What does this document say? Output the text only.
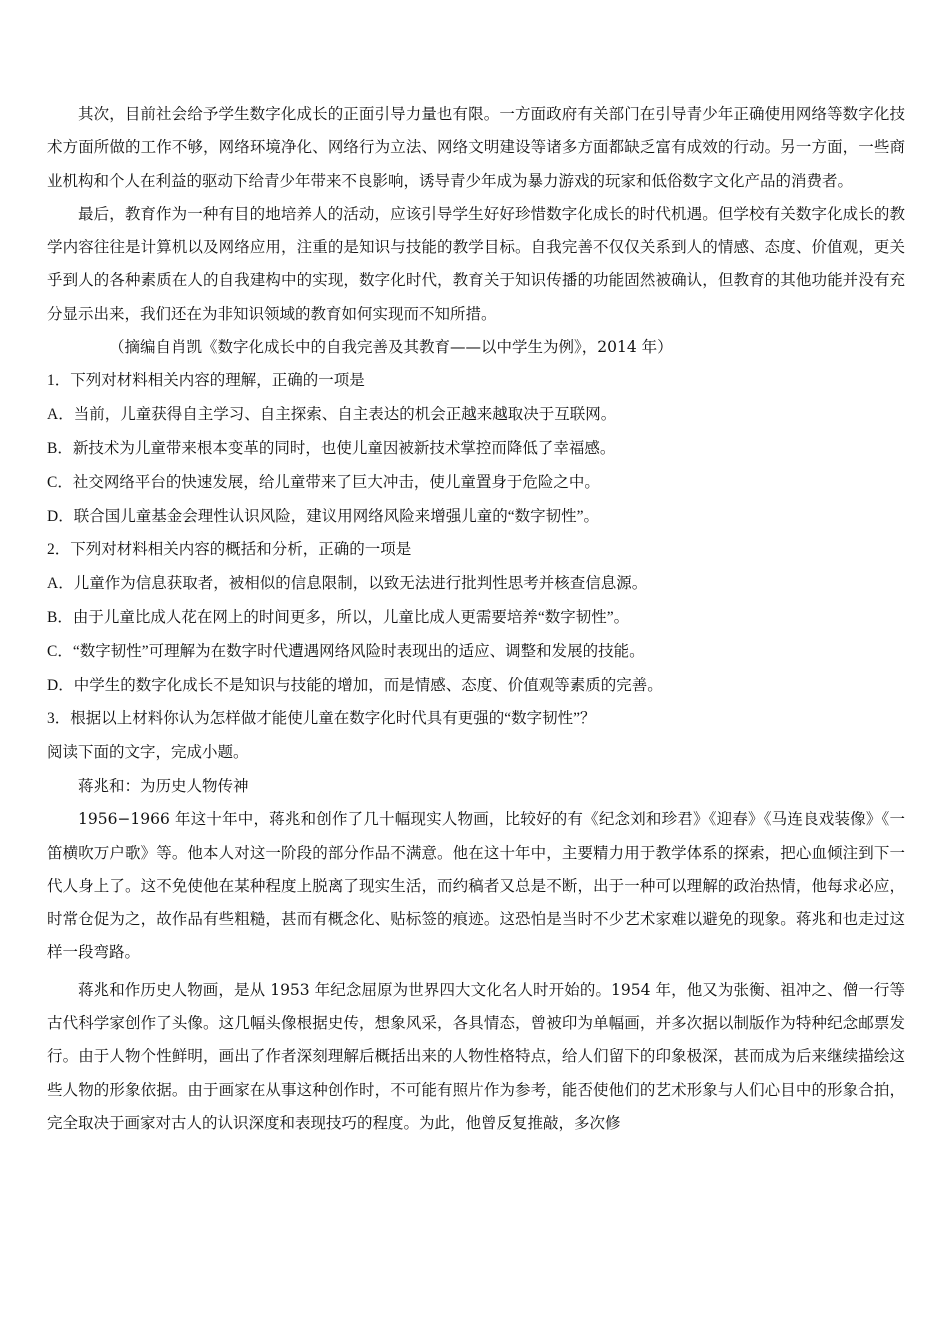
其次，目前社会给予学生数字化成长的正面引导力量也有限。一方面政府有关部门在引导青少年正确使用网络等数字化技术方面所做的工作不够，网络环境净化、网络行为立法、网络文明建设等诸多方面都缺乏富有成效的行动。另一方面，一些商业机构和个人在利益的驱动下给青少年带来不良影响，诱导青少年成为暴力游戏的玩家和低俗数字文化产品的消费者。

最后，教育作为一种有目的地培养人的活动，应该引导学生好好珍惜数字化成长的时代机遇。但学校有关数字化成长的教学内容往往是计算机以及网络应用，注重的是知识与技能的教学目标。自我完善不仅仅关系到人的情感、态度、价值观，更关乎到人的各种素质在人的自我建构中的实现，数字化时代，教育关于知识传播的功能固然被确认，但教育的其他功能并没有充分显示出来，我们还在为非知识领域的教育如何实现而不知所措。

（摘编自肖凯《数字化成长中的自我完善及其教育——以中学生为例》，2014 年）

1．下列对材料相关内容的理解，正确的一项是

A．当前，儿童获得自主学习、自主探索、自主表达的机会正越来越取决于互联网。

B．新技术为儿童带来根本变革的同时，也使儿童因被新技术掌控而降低了幸福感。

C．社交网络平台的快速发展，给儿童带来了巨大冲击，使儿童置身于危险之中。

D．联合国儿童基金会理性认识风险，建议用网络风险来增强儿童的“数字韧性”。

2．下列对材料相关内容的概括和分析，正确的一项是

A．儿童作为信息获取者，被相似的信息限制，以致无法进行批判性思考并核查信息源。

B．由于儿童比成人花在网上的时间更多，所以，儿童比成人更需要培养“数字韧性”。

C．“数字韧性”可理解为在数字时代遭遇网络风险时表现出的适应、调整和发展的技能。

D．中学生的数字化成长不是知识与技能的增加，而是情感、态度、价值观等素质的完善。

3．根据以上材料你认为怎样做才能使儿童在数字化时代具有更强的“数字韧性”？

阅读下面的文字，完成小题。

蒋兆和：为历史人物传神

1956−1966 年这十年中，蒋兆和创作了几十幅现实人物画，比较好的有《纪念刘和珍君》《迎春》《马连良戏装像》《一笛横吹万户歌》等。他本人对这一阶段的部分作品不满意。他在这十年中，主要精力用于教学体系的探索，把心血倾注到下一代人身上了。这不免使他在某种程度上脱离了现实生活，而约稿者又总是不断，出于一种可以理解的政治热情，他每求必应，时常仓促为之，故作品有些粗糙，甚而有概念化、贴标签的痕迹。这恐怕是当时不少艺术家难以避免的现象。蒋兆和也走过这样一段弯路。

蒋兆和作历史人物画，是从 1953 年纪念屈原为世界四大文化名人时开始的。1954 年，他又为张衡、祖冲之、僧一行等古代科学家创作了头像。这几幅头像根据史传，想象风采，各具情态，曾被印为单幅画，并多次据以制版作为特种纪念邮票发行。由于人物个性鲜明，画出了作者深刻理解后概括出来的人物性格特点，给人们留下的印象极深，甚而成为后来继续描绘这些人物的形象依据。由于画家在从事这种创作时，不可能有照片作为参考，能否使他们的艺术形象与人们心目中的形象合拍，完全取决于画家对古人的认识深度和表现技巧的程度。为此，他曾反复推敲，多次修
